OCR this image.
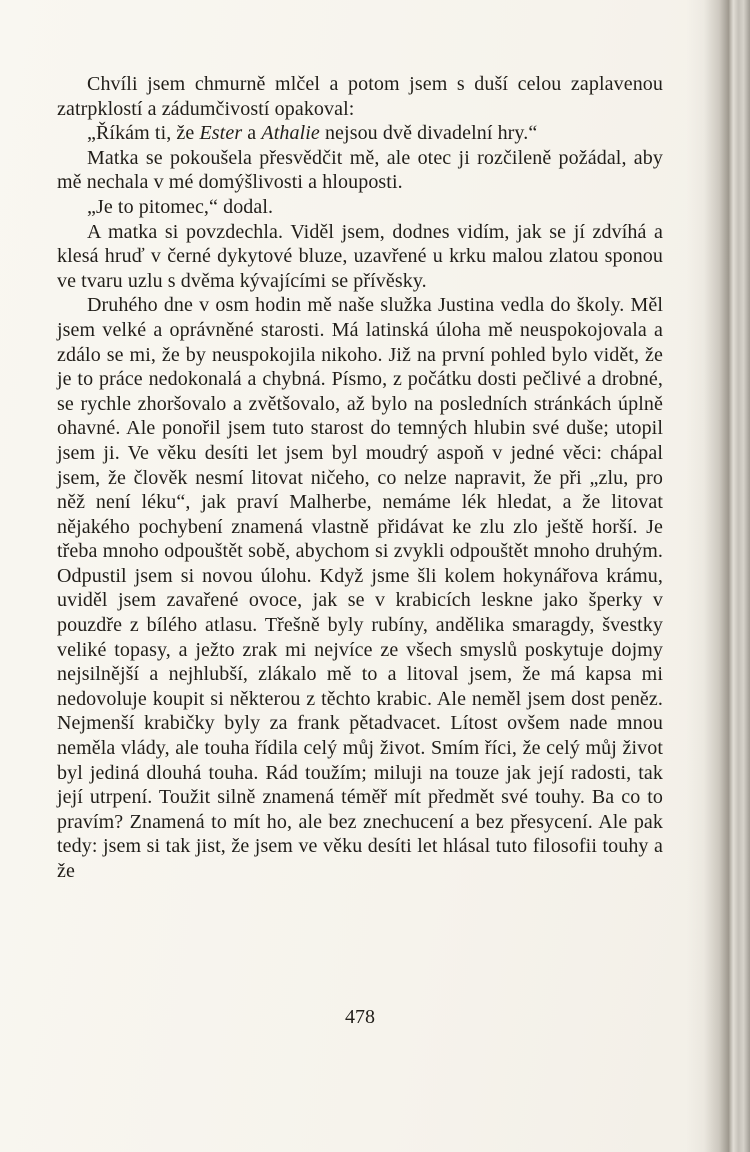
Chvíli jsem chmurně mlčel a potom jsem s duší celou zaplavenou zatrpklostí a zádumčivostí opakoval:

„Říkám ti, že Ester a Athalie nejsou dvě divadelní hry.“

Matka se pokoušela přesvědčit mě, ale otec ji rozčileně požádal, aby mě nechala v mé domýšlivosti a hlouposti.

„Je to pitomec,“ dodal.

A matka si povzdechla. Viděl jsem, dodnes vidím, jak se jí zdvíhá a klesá hruď v černé dykytové bluze, uzavřené u krku malou zlatou sponou ve tvaru uzlu s dvěma kývajícími se přívěsky.

Druhého dne v osm hodin mě naše služka Justina vedla do školy. Měl jsem velké a oprávněné starosti. Má latinská úloha mě neuspokojovala a zdálo se mi, že by neuspokojila nikoho. Již na první pohled bylo vidět, že je to práce nedokonalá a chybná. Písmo, z počátku dosti pečlivé a drobné, se rychle zhoršovalo a zvětšovalo, až bylo na posledních stránkách úplně ohavné. Ale ponořil jsem tuto starost do temných hlubin své duše; utopil jsem ji. Ve věku desíti let jsem byl moudrý aspoň v jedné věci: chápal jsem, že člověk nesmí litovat ničeho, co nelze napravit, že při „zlu, pro něž není léku“, jak praví Malherbe, nemáme lék hledat, a že litovat nějakého pochybení znamená vlastně přidávat ke zlu zlo ještě horší. Je třeba mnoho odpouštět sobě, abychom si zvykli odpouštět mnoho druhým. Odpustil jsem si novou úlohu. Když jsme šli kolem hokynářova krámu, uviděl jsem zavařené ovoce, jak se v krabicích leskne jako šperky v pouzdře z bílého atlasu. Třešně byly rubíny, andělika smaragdy, švestky veliké topasy, a ježto zrak mi nejvíce ze všech smyslů poskytuje dojmy nejsilnější a nejhlubší, zlákalo mě to a litoval jsem, že má kapsa mi nedovoluje koupit si některou z těchto krabic. Ale neměl jsem dost peněz. Nejmenší krabičky byly za frank pětadvacet. Lítost ovšem nade mnou neměla vlády, ale touha řídila celý můj život. Smím říci, že celý můj život byl jediná dlouhá touha. Rád toužím; miluji na touze jak její radosti, tak její utrpení. Toužit silně znamená téměř mít předmět své touhy. Ba co to pravím? Znamená to mít ho, ale bez znechucení a bez přesycení. Ale pak tedy: jsem si tak jist, že jsem ve věku desíti let hlásal tuto filosofii touhy a že

478
